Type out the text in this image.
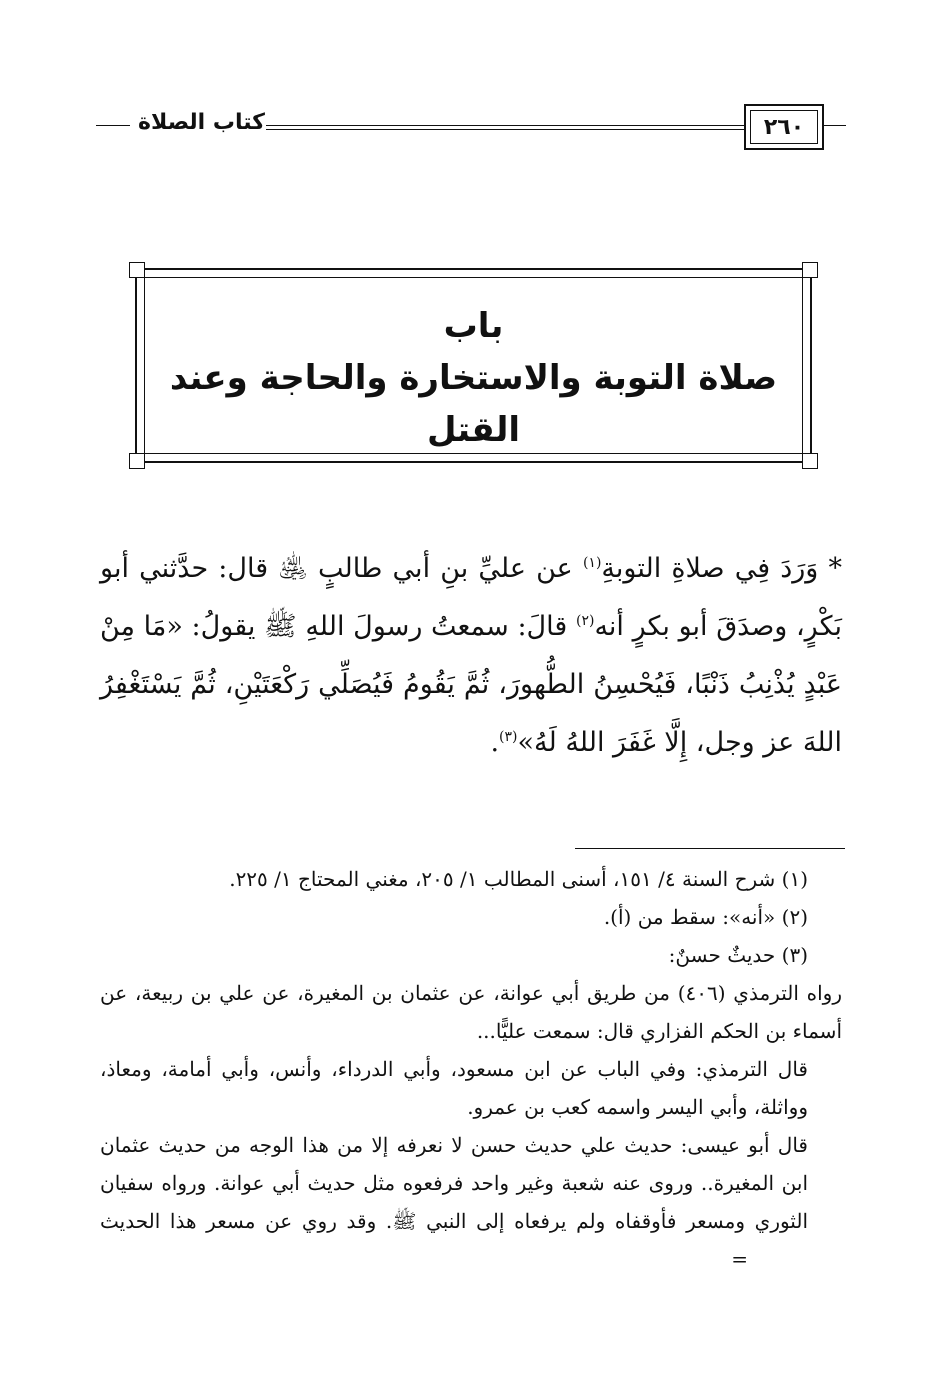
٢٦٠
كتاب الصلاة
باب
صلاة التوبة والاستخارة والحاجة وعند القتل
* وَرَدَ فِي صلاةِ التوبةِ$^{(١)}$ عن عليِّ بنِ أبي طالبٍ ﵁ قال: حدَّثني أبو بَكْرٍ، وصدَقَ أبو بكرٍ أنه$^{(٢)}$ قالَ: سمعتُ رسولَ اللهِ ﷺ يقولُ: «مَا مِنْ عَبْدٍ يُذْنِبُ ذَنْبًا، فَيُحْسِنُ الطُّهورَ، ثُمَّ يَقُومُ فَيُصَلِّي رَكْعَتَيْنِ، ثُمَّ يَسْتَغْفِرُ اللهَ عز وجل، إِلَّا غَفَرَ اللهُ لَهُ»$^{(٣)}$.

(١) شرح السنة ٤/ ١٥١، أسنى المطالب ١/ ٢٠٥، مغني المحتاج ١/ ٢٢٥.

(٢) «أنه»: سقط من (أ).

(٣) حديثٌ حسنٌ:

رواه الترمذي (٤٠٦) من طريق أبي عوانة، عن عثمان بن المغيرة، عن علي بن ربيعة، عن أسماء بن الحكم الفزاري قال: سمعت عليًّا...

قال الترمذي: وفي الباب عن ابن مسعود، وأبي الدرداء، وأنس، وأبي أمامة، ومعاذ، وواثلة، وأبي اليسر واسمه كعب بن عمرو.

قال أبو عيسى: حديث علي حديث حسن لا نعرفه إلا من هذا الوجه من حديث عثمان ابن المغيرة.. وروى عنه شعبة وغير واحد فرفعوه مثل حديث أبي عوانة. ورواه سفيان الثوري ومسعر فأوقفاه ولم يرفعاه إلى النبي ﷺ. وقد روي عن مسعر هذا الحديث=
